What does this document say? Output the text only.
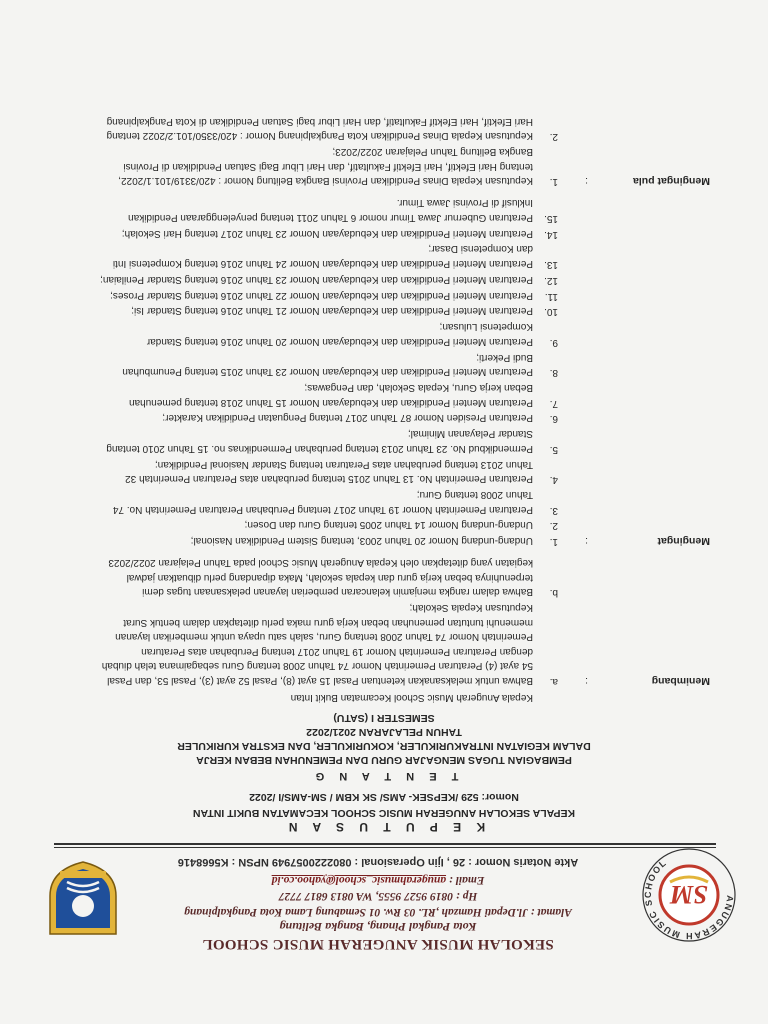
ANUGERAH MUSIC SCHOOL
SM
SEKOLAH MUSIK ANUGERAH MUSIC SCHOOL
Kota Pangkal Pinang, Bangka Belitung
Alamat : Jl.Depati Hamzah ,RL. 03 Rw. 01 Semabung Lama Kota Pangkalpinang
Hp : 0819 9527 9555, WA 0813 6817 7727
Email : anugerahmusic_school@yahoo.co.id
Akte Notaris Nomor : 26 , Ijin Operasional : 0802220057949 NPSN : K5668416
K E P U T U S A N
KEPALA SEKOLAH ANUGERAH MUSIC SCHOOL KECAMATAN BUKIT INTAN
Nomor: 529 /KEPSEK- AMS/ SK KBM / SM-AMS/I /2022
T E N T A N G
PEMBAGIAN TUGAS MENGAJAR GURU DAN PEMENUHAN BEBAN KERJA
DALAM KEGIATAN INTRAKURIKULER, KOKURIKULER, DAN EKSTRA KURIKULER
TAHUN PELAJARAN 2021/2022
SEMESTER I (SATU)
Kepala Anugerah Music School Kecamatan Bukit Intan
Menimbang
:
a.
Bahwa untuk melaksanakan ketentuan Pasal 15 ayat (8), Pasal 52 ayat (3), Pasal 53, dan Pasal
54 ayat (4) Peraturan Pemerintah Nomor 74 Tahun 2008 tentang Guru sebagaimana telah diubah
dengan Peraturan Pemerintah Nomor 19 Tahun 2017 tentang Perubahan atas Peraturan
Pemerintah Nomor 74 Tahun 2008 tentang Guru, salah satu upaya untuk memberikan layanan
memenuhi tuntutan pemenuhan beban kerja guru maka perlu ditetapkan dalam bentuk Surat
Keputusan Kepala Sekolah;
b.
Bahwa dalam rangka menjamin kelancaran pemberian layanan pelaksanaan tugas demi
terpenuhinya beban kerja guru dan kepala sekolah, Maka dipandang perlu dibuatkan jadwal
kegiatan yang ditetapkan oleh Kepala Anugerah Music School pada Tahun Pelajaran 2022/2023
Mengingat
:
1.
Undang-undang Nomor 20 Tahun 2003, tentang Sistem Pendidikan Nasional;
2.
Undang-undang Nomor 14 Tahun 2005 tentang Guru dan Dosen;
3.
Peraturan Pemerintah Nomor 19 Tahun 2017 tentang Perubahan Peraturan Pemerintah No. 74
Tahun 2008 tentang Guru;
4.
Peraturan Pemerintah No. 13 Tahun 2015 tentang perubahan atas Peraturan Pemerintah 32
Tahun 2013 tentang perubahan atas Peraturan tentang Standar Nasional Pendidikan;
5.
Permendikbud No. 23 Tahun 2013 tentang perubahan Permendiknas no. 15 Tahun 2010 tentang
Standar Pelayanan Minimal;
6.
Peraturan Presiden Nomor 87 Tahun 2017 tentang Penguatan Pendidikan Karakter;
7.
Peraturan Menteri Pendidikan dan Kebudayaan Nomor 15 Tahun 2018 tentang pemenuhan
Beban kerja Guru, Kepala Sekolah, dan Pengawas;
8.
Peraturan Menteri Pendidikan dan Kebudayaan Nomor 23 Tahun 2015 tentang Penumbuhan
Budi Pekerti;
9.
Peraturan Menteri Pendidikan dan Kebudayaan Nomor 20 Tahun 2016 tentang Standar
Kompetensi Lulusan;
10.
Peraturan Menteri Pendidikan dan Kebudayaan Nomor 21 Tahun 2016 tentang Standar Isi;
11.
Peraturan Menteri Pendidikan dan Kebudayaan Nomor 22 Tahun 2016 tentang Standar Proses;
12.
Peraturan Menteri Pendidikan dan Kebudayaan Nomor 23 Tahun 2016 tentang Standar Penilaian;
13.
Peraturan Menteri Pendidikan dan Kebudayaan Nomor 24 Tahun 2016 tentang Kompetensi Inti
dan Kompetensi Dasar;
14.
Peraturan Menteri Pendidikan dan Kebudayaan Nomor 23 Tahun 2017 tentang Hari Sekolah;
15.
Peraturan Gubernur Jawa Timur nomor 6 Tahun 2011 tentang penyelenggaraan Pendidikan
Inklusif di Provinsi Jawa Timur.
Mengingat pula
:
1.
Keputusan Kepala Dinas Pendidikan Provinsi Bangka Belitung Nomor : 420/3319/101.1/2022,
tentang Hari Efektif, Hari Efektif Fakultatif, dan Hari Libur Bagi Satuan Pendidikan di Provinsi
Bangka Belitung Tahun Pelajaran 2022/2023;
2.
Keputusan Kepala Dinas Pendidikan Kota Pangkalpinang Nomor : 420/3350/101.2/2022 tentang
Hari Efektif, Hari Efektif Fakultatif, dan Hari Libur bagi Satuan Pendidikan di Kota Pangkalpinang
